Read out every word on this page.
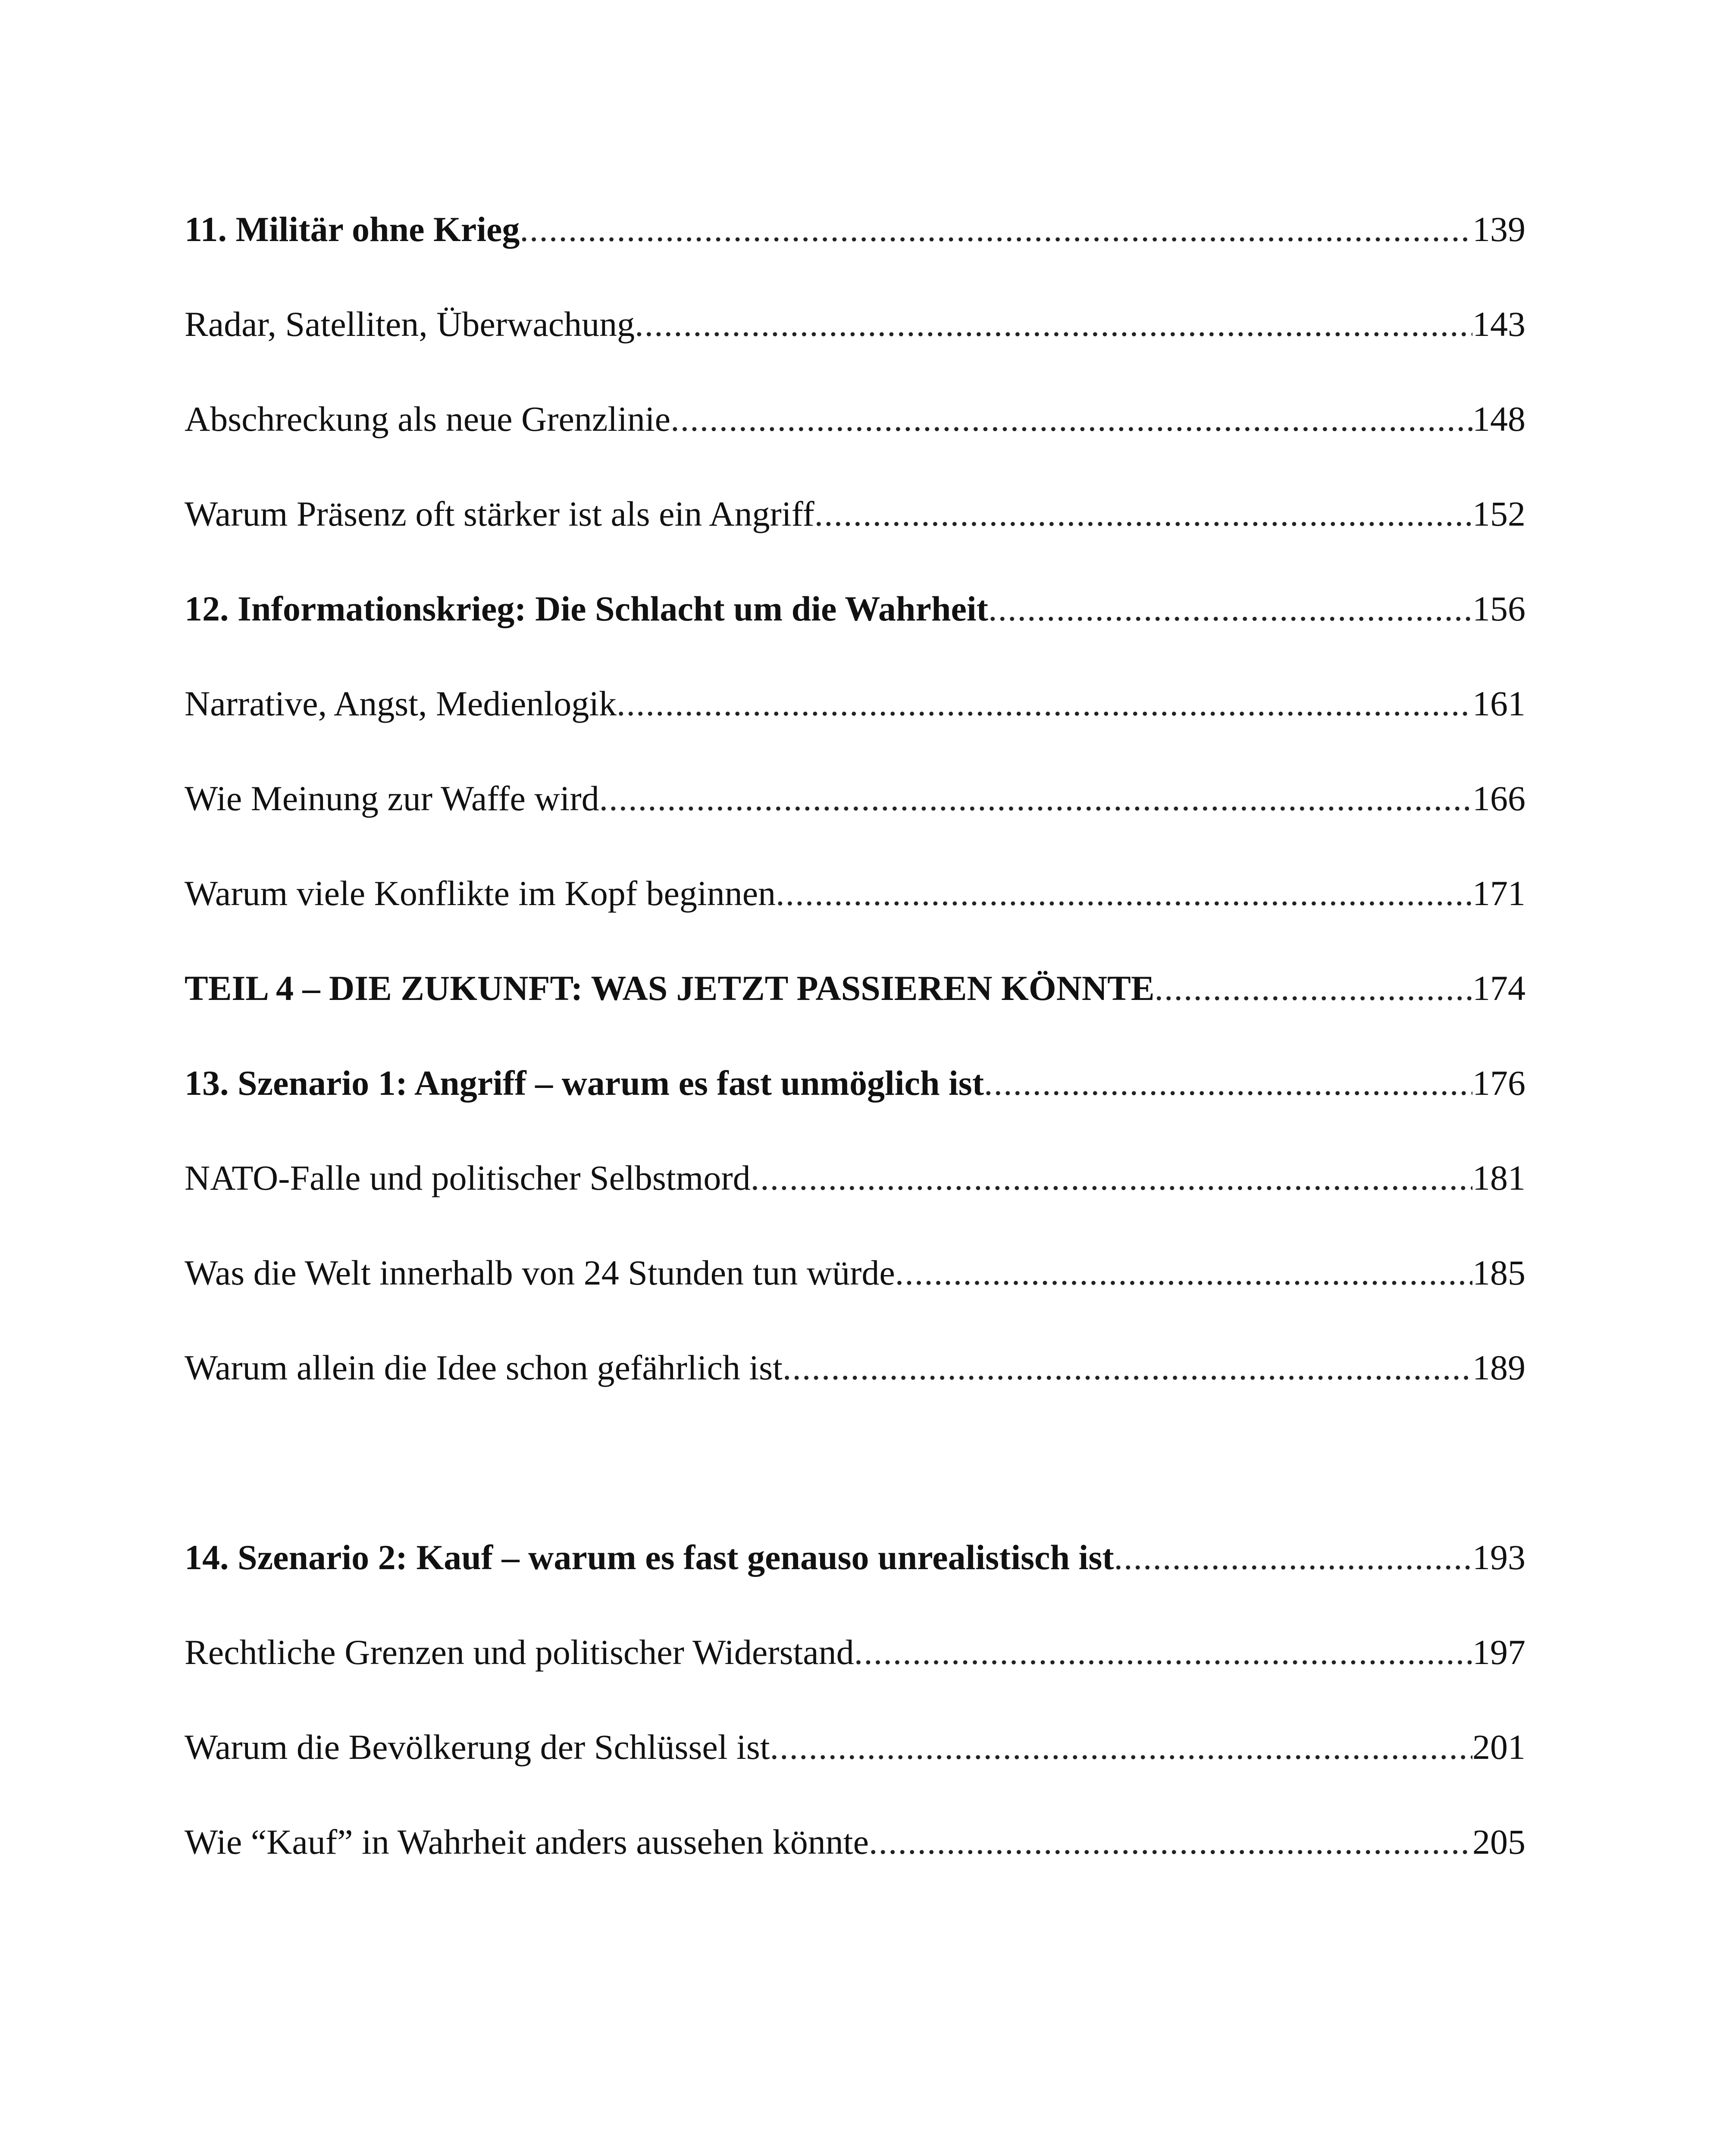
11. Militär ohne Krieg .....	139
Radar, Satelliten, Überwachung .....	143
Abschreckung als neue Grenzlinie .....	148
Warum Präsenz oft stärker ist als ein Angriff .....	152
12. Informationskrieg: Die Schlacht um die Wahrheit .....	156
Narrative, Angst, Medienlogik .....	161
Wie Meinung zur Waffe wird .....	166
Warum viele Konflikte im Kopf beginnen .....	171
TEIL 4 – DIE ZUKUNFT: WAS JETZT PASSIEREN KÖNNTE .....	174
13. Szenario 1: Angriff – warum es fast unmöglich ist .....	176
NATO-Falle und politischer Selbstmord .....	181
Was die Welt innerhalb von 24 Stunden tun würde .....	185
Warum allein die Idee schon gefährlich ist .....	189
14. Szenario 2: Kauf – warum es fast genauso unrealistisch ist .....	193
Rechtliche Grenzen und politischer Widerstand .....	197
Warum die Bevölkerung der Schlüssel ist .....	201
Wie “Kauf” in Wahrheit anders aussehen könnte .....	205
